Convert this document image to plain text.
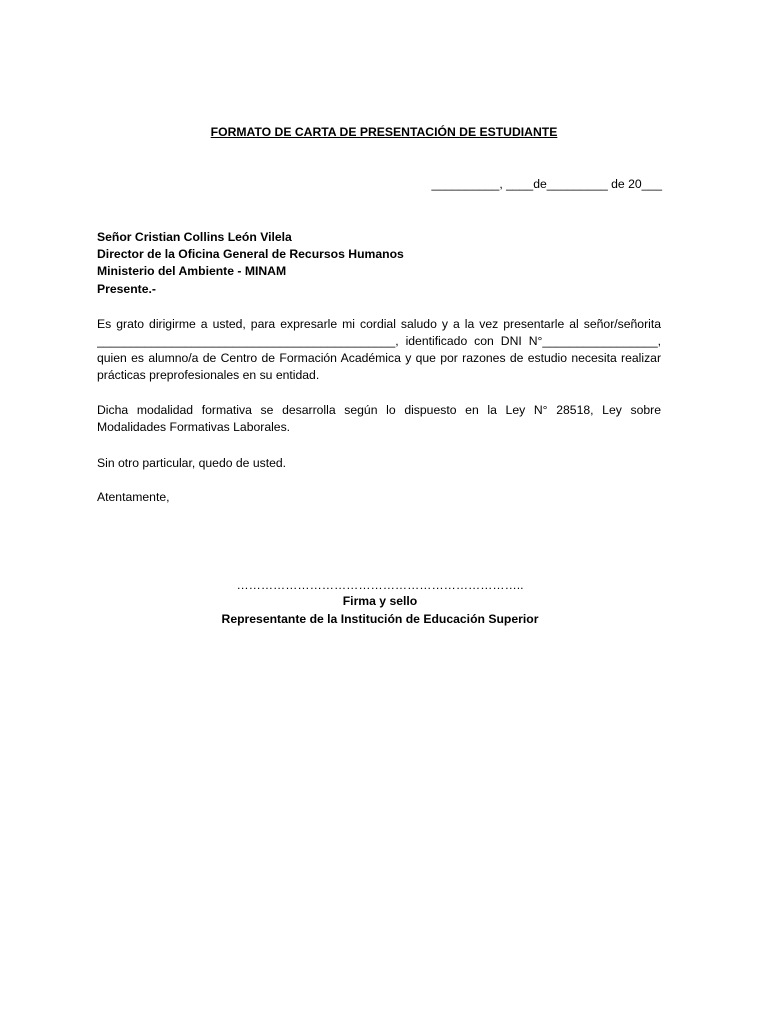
FORMATO DE CARTA DE PRESENTACIÓN DE ESTUDIANTE

__________, ____de_________ de 20___

Señor Cristian Collins León Vilela

Director de la Oficina General de Recursos Humanos

Ministerio del Ambiente - MINAM

Presente.-

Es grato dirigirme a usted, para expresarle mi cordial saludo y a la vez presentarle al señor/señorita
____________________________________________, identificado con DNI N°_________________,
quien es alumno/a de Centro de Formación Académica y que por razones de estudio necesita realizar
prácticas preprofesionales en su entidad.
Dicha modalidad formativa se desarrolla según lo dispuesto en la Ley N° 28518, Ley sobre
Modalidades Formativas Laborales.

Sin otro particular, quedo de usted.

Atentamente,

……………………………………………………………..

Firma y sello

Representante de la Institución de Educación Superior
